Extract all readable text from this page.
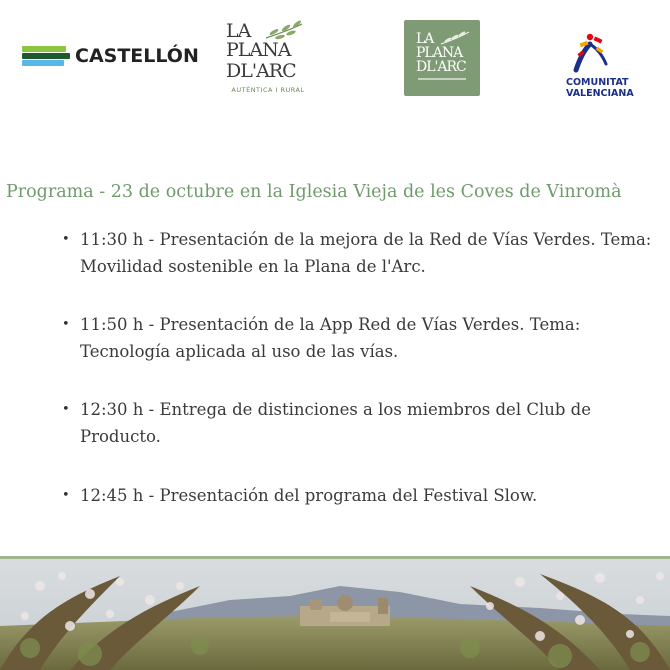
CASTELLÓN
LA
PLANA
DL'ARC
AUTÈNTICA I RURAL
LA
PLANA
DL'ARC
COMUNITAT
VALENCIANA
Programa - 23 de octubre en la Iglesia Vieja de les Coves de Vinromà
• 11:30 h - Presentación de la mejora de la Red de Vías Verdes. Tema: Movilidad sostenible en la Plana de l'Arc.
• 11:50 h - Presentación de la App Red de Vías Verdes. Tema: Tecnología aplicada al uso de las vías.
• 12:30 h - Entrega de distinciones a los miembros del Club de Producto.
• 12:45 h - Presentación del programa del Festival Slow.
